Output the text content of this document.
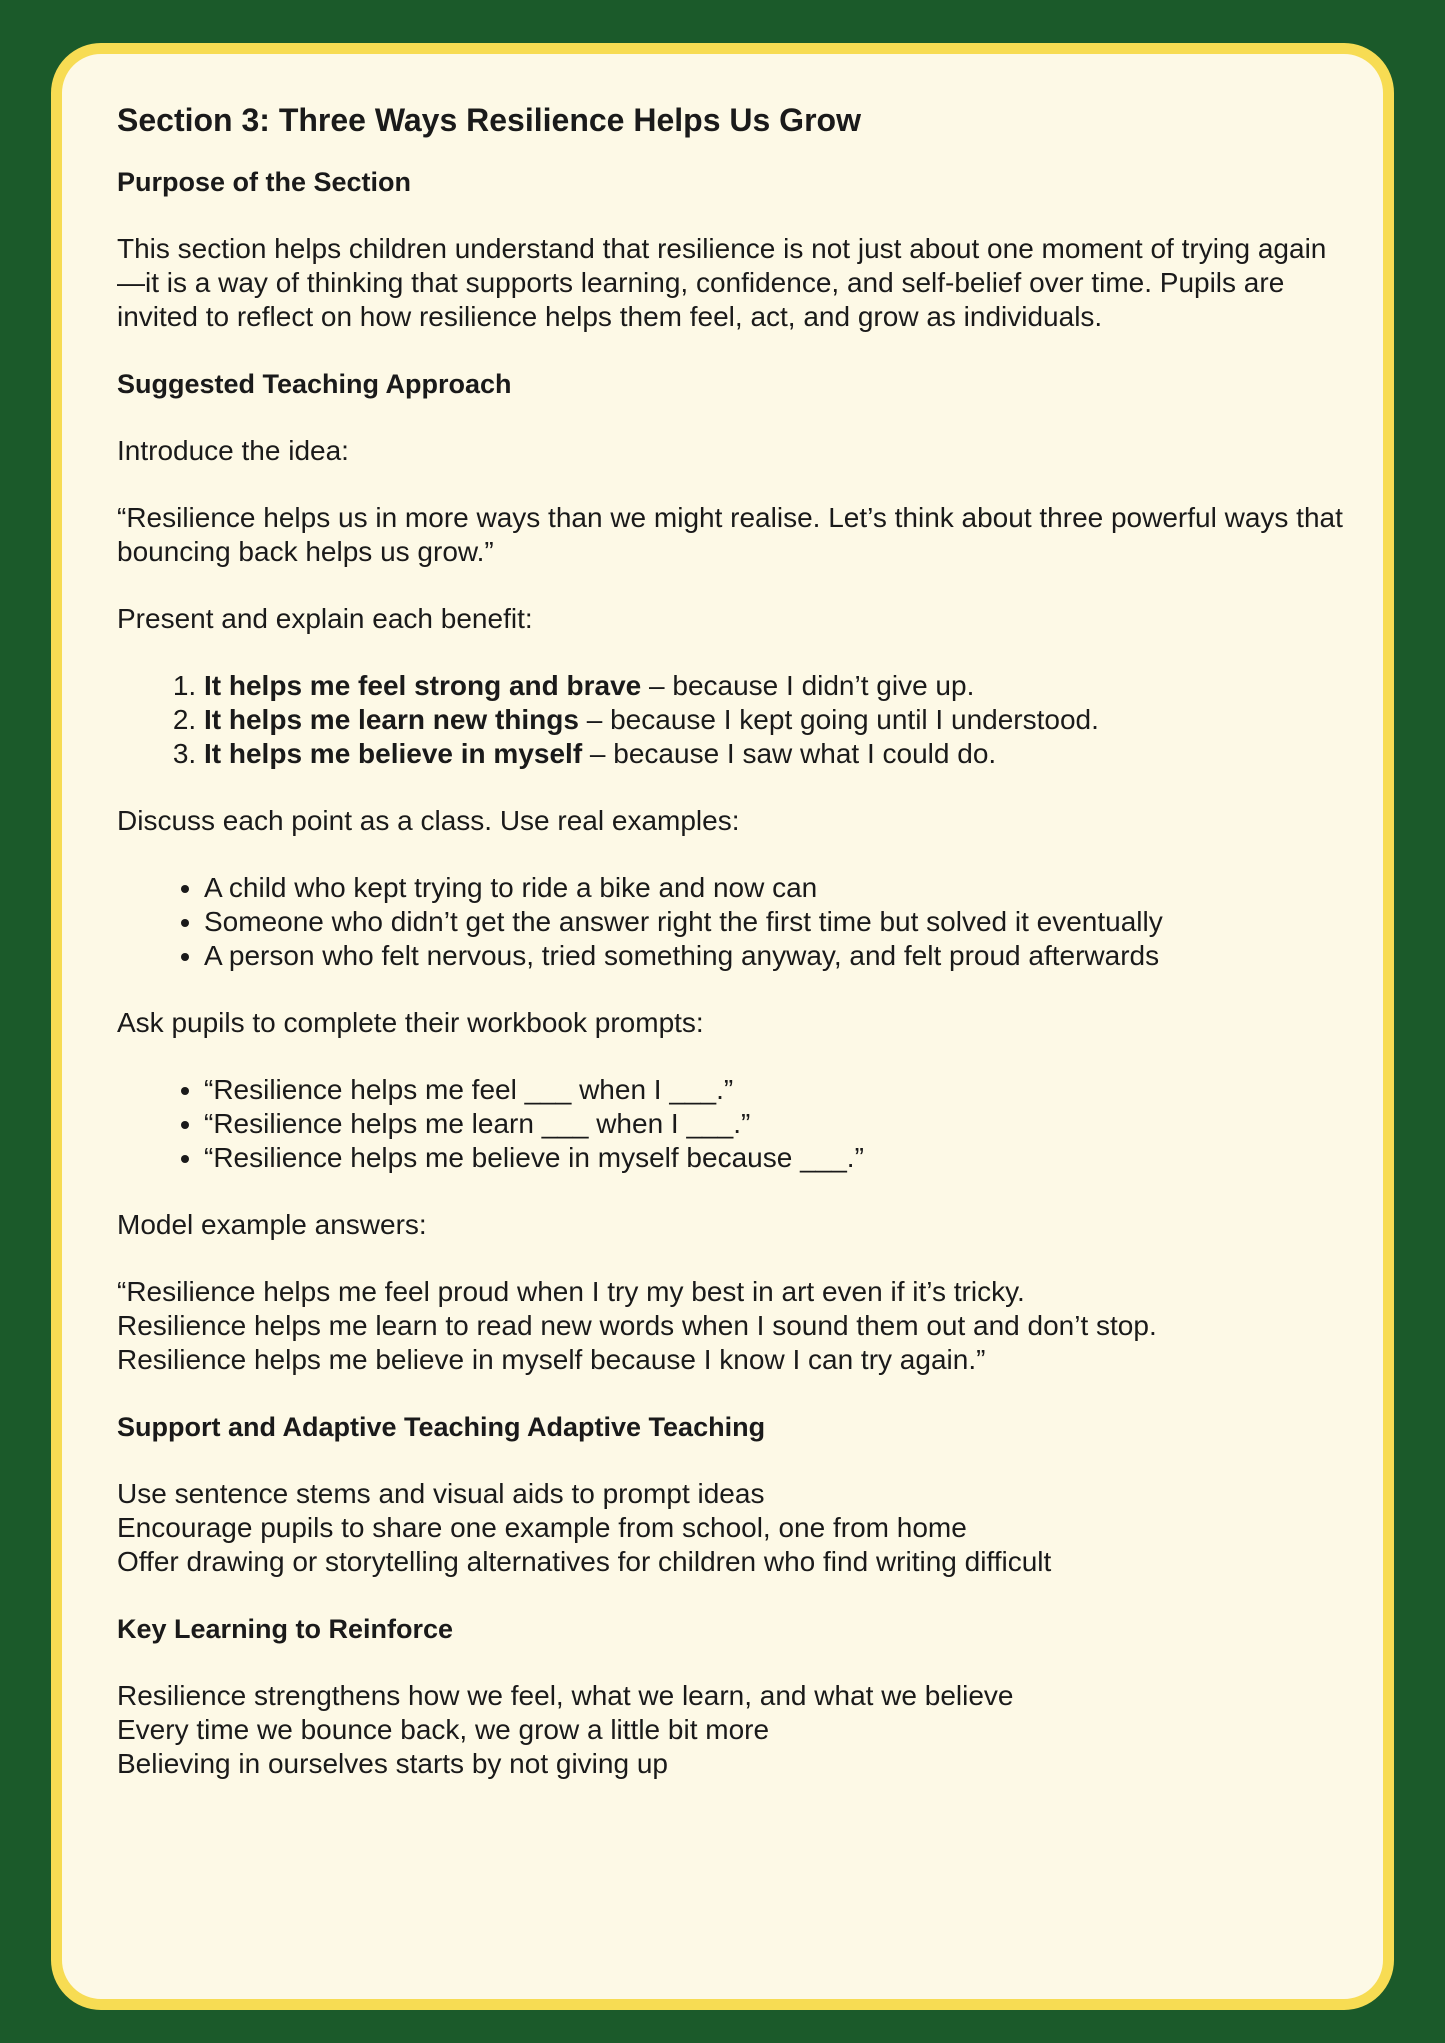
Section 3: Three Ways Resilience Helps Us Grow
Purpose of the Section

This section helps children understand that resilience is not just about one moment of trying again—it is a way of thinking that supports learning, confidence, and self-belief over time. Pupils are invited to reflect on how resilience helps them feel, act, and grow as individuals.

Suggested Teaching Approach

Introduce the idea:

“Resilience helps us in more ways than we might realise. Let’s think about three powerful ways that bouncing back helps us grow.”

Present and explain each benefit:

1. It helps me feel strong and brave – because I didn’t give up.
2. It helps me learn new things – because I kept going until I understood.
3. It helps me believe in myself – because I saw what I could do.

Discuss each point as a class. Use real examples:

• A child who kept trying to ride a bike and now can
• Someone who didn’t get the answer right the first time but solved it eventually
• A person who felt nervous, tried something anyway, and felt proud afterwards

Ask pupils to complete their workbook prompts:

• “Resilience helps me feel ___ when I ___.”
• “Resilience helps me learn ___ when I ___.”
• “Resilience helps me believe in myself because ___.”

Model example answers:

“Resilience helps me feel proud when I try my best in art even if it’s tricky.
Resilience helps me learn to read new words when I sound them out and don’t stop.
Resilience helps me believe in myself because I know I can try again.”
Support and Adaptive Teaching Adaptive Teaching
Use sentence stems and visual aids to prompt ideas
Encourage pupils to share one example from school, one from home
Offer drawing or storytelling alternatives for children who find writing difficult
Key Learning to Reinforce
Resilience strengthens how we feel, what we learn, and what we believe
Every time we bounce back, we grow a little bit more
Believing in ourselves starts by not giving up
